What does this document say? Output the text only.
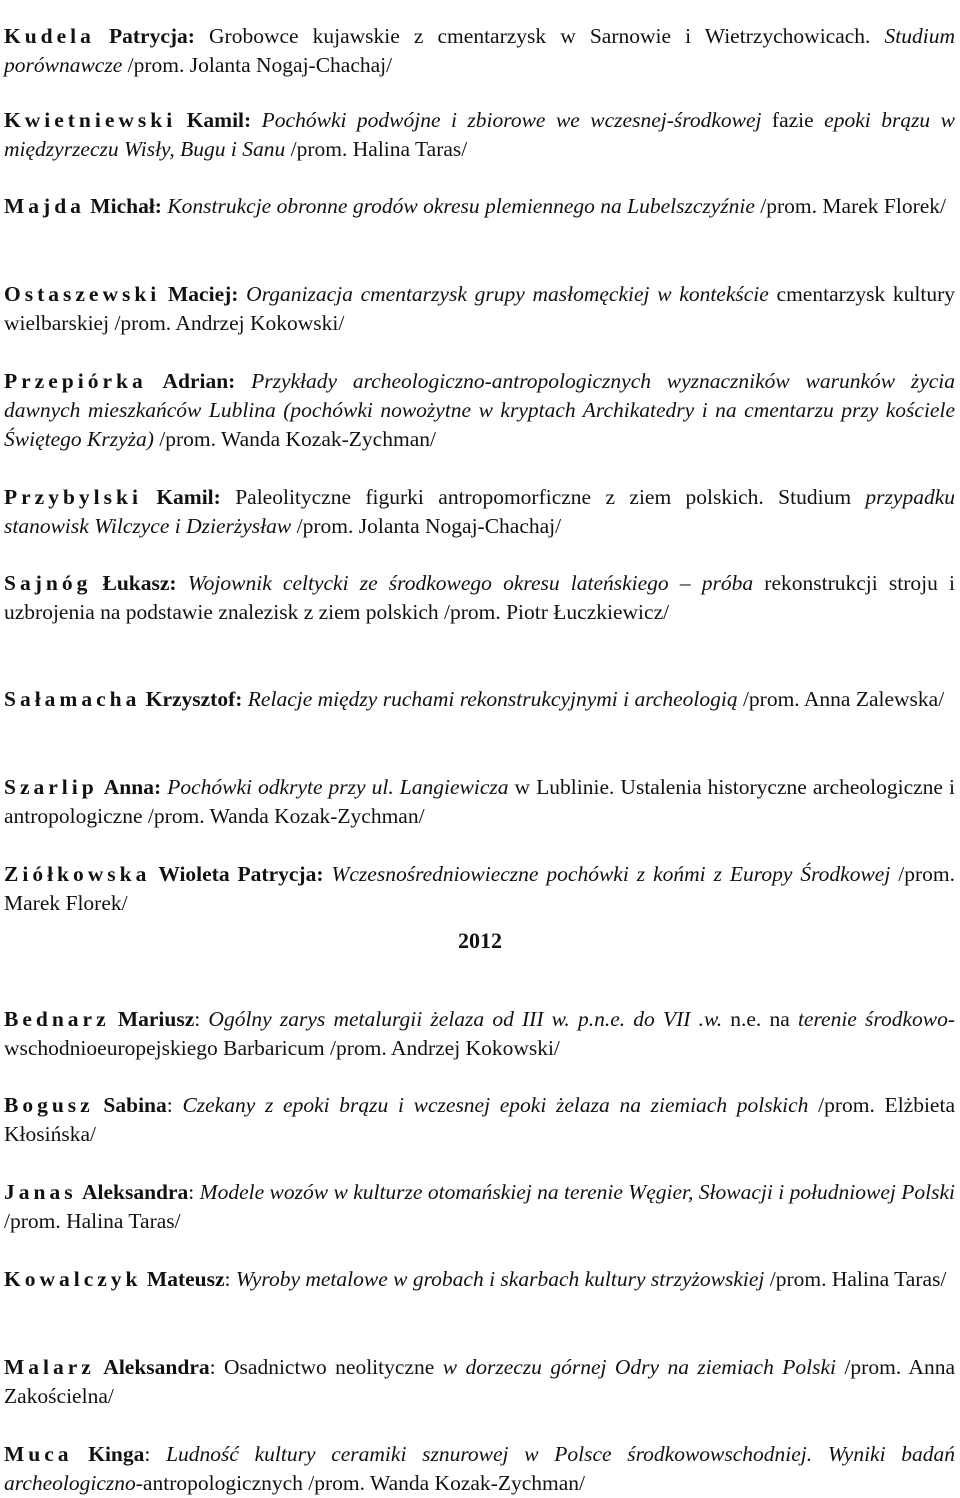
Kudela Patrycja: Grobowce kujawskie z cmentarzysk w Sarnowie i Wietrzychowicach. Studium porównawcze /prom. Jolanta Nogaj-Chachaj/

Kwietniewski Kamil: Pochówki podwójne i zbiorowe we wczesnej-środkowej fazie epoki brązu w międzyrzeczu Wisły, Bugu i Sanu /prom. Halina Taras/

Majda Michał: Konstrukcje obronne grodów okresu plemiennego na Lubelszczyźnie /prom. Marek Florek/

Ostaszewski Maciej: Organizacja cmentarzysk grupy masłomęckiej w kontekście cmentarzysk kultury wielbarskiej /prom. Andrzej Kokowski/

Przepiórka Adrian: Przykłady archeologiczno-antropologicznych wyznaczników warunków życia dawnych mieszkańców Lublina (pochówki nowożytne w kryptach Archikatedry i na cmentarzu przy kościele Świętego Krzyża) /prom. Wanda Kozak-Zychman/

Przybylski Kamil: Paleolityczne figurki antropomorficzne z ziem polskich. Studium przypadku stanowisk Wilczyce i Dzierżysław /prom. Jolanta Nogaj-Chachaj/

Sajnóg Łukasz: Wojownik celtycki ze środkowego okresu lateńskiego – próba rekonstrukcji stroju i uzbrojenia na podstawie znalezisk z ziem polskich /prom. Piotr Łuczkiewicz/

Sałamacha Krzysztof: Relacje między ruchami rekonstrukcyjnymi i archeologią /prom. Anna Zalewska/

Szarlip Anna: Pochówki odkryte przy ul. Langiewicza w Lublinie. Ustalenia historyczne archeologiczne i antropologiczne /prom. Wanda Kozak-Zychman/

Ziółkowska Wioleta Patrycja: Wczesnośredniowieczne pochówki z końmi z Europy Środkowej /prom. Marek Florek/

2012

Bednarz Mariusz: Ogólny zarys metalurgii żelaza od III w. p.n.e. do VII .w. n.e. na terenie środkowo-wschodnioeuropejskiego Barbaricum /prom. Andrzej Kokowski/

Bogusz Sabina: Czekany z epoki brązu i wczesnej epoki żelaza na ziemiach polskich /prom. Elżbieta Kłosińska/

Janas Aleksandra: Modele wozów w kulturze otomańskiej na terenie Węgier, Słowacji i południowej Polski /prom. Halina Taras/

Kowalczyk Mateusz: Wyroby metalowe w grobach i skarbach kultury strzyżowskiej /prom. Halina Taras/

Malarz Aleksandra: Osadnictwo neolityczne w dorzeczu górnej Odry na ziemiach Polski /prom. Anna Zakościelna/

Muca Kinga: Ludność kultury ceramiki sznurowej w Polsce środkowowschodniej. Wyniki badań archeologiczno-antropologicznych /prom. Wanda Kozak-Zychman/
